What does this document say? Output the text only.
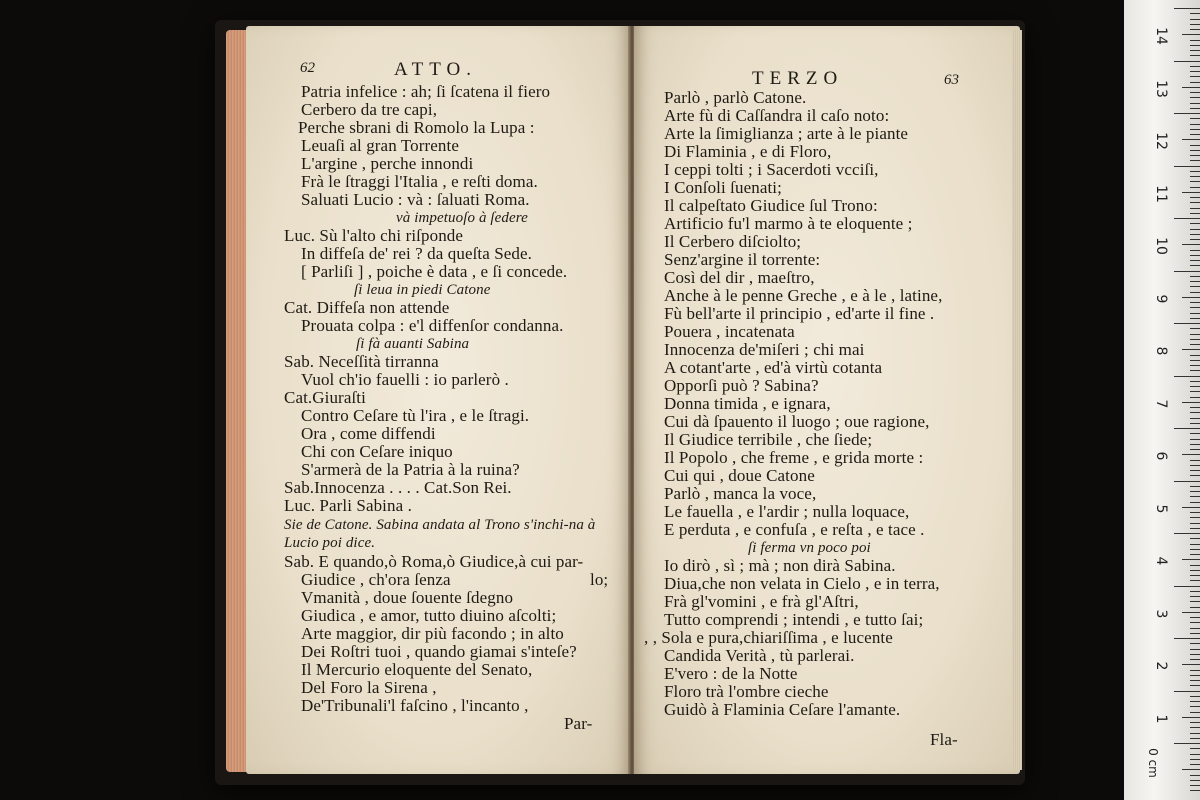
62	ATTO.
Patria infelice : ah; ſi ſcatena il fiero
Cerbero da tre capi,
Perche sbrani di Romolo la Lupa :
Leuaſi al gran Torrente
L'argine , perche innondi
Frà le ſtraggi l'Italia , e reſti doma.
Saluati Lucio : và : ſaluati Roma.
và impetuoſo à ſedere
Luc. Sù l'alto chi riſponde
In diffeſa de' rei ? da queſta Sede.
[ Parliſi ] , poiche è data , e ſi concede.
ſi leua in piedi Catone
Cat. Diffeſa non attende
Prouata colpa : e'l diffenſor condanna.
ſi fà auanti Sabina
Sab. Neceſſità tirranna
Vuol ch'io fauelli : io parlerò .
Cat.Giuraſti
Contro Ceſare tù l'ira , e le ſtragi.
Ora , come diffendi
Chi con Ceſare iniquo
S'armerà de la Patria à la ruina?
Sab.Innocenza . . . . Cat.Son Rei.
Luc. Parli Sabina .
Sie de Catone. Sabina andata al Trono s'inchi-na à Lucio poi dice.
Sab. E quando,ò Roma,ò Giudice,à cui par-
Giudice , ch'ora ſenza	lo;
Vmanità , doue ſouente ſdegno
Giudica , e amor, tutto diuino aſcolti;
Arte maggior, dir più facondo ; in alto
Dei Roſtri tuoi , quando giamai s'inteſe?
Il Mercurio eloquente del Senato,
Del Foro la Sirena ,
De'Tribunali'l faſcino , l'incanto ,
Par-
TERZO	63
Parlò , parlò Catone.
Arte fù di Caſſandra il caſo noto:
Arte la ſimiglianza ; arte à le piante
Di Flaminia , e di Floro,
I ceppi tolti ; i Sacerdoti vcciſi,
I Conſoli ſuenati;
Il calpeſtato Giudice ſul Trono:
Artificio fu'l marmo à te eloquente ;
Il Cerbero diſciolto;
Senz'argine il torrente:
Così del dir , maeſtro,
Anche à le penne Greche , e à le , latine,
Fù bell'arte il principio , ed'arte il fine .
Pouera , incatenata
Innocenza de'miſeri ; chi mai
A cotant'arte , ed'à virtù cotanta
Opporſi può ? Sabina?
Donna timida , e ignara,
Cui dà ſpauento il luogo ; oue ragione,
Il Giudice terribile , che ſiede;
Il Popolo , che freme , e grida morte :
Cui qui , doue Catone
Parlò , manca la voce,
Le fauella , e l'ardir ; nulla loquace,
E perduta , e confuſa , e reſta , e tace .
ſi ferma vn poco poi
Io dirò , sì ; mà ; non dirà Sabina.
Diua,che non velata in Cielo , e in terra,
Frà gl'vomini , e frà gl'Aſtri,
Tutto comprendi ; intendi , e tutto ſai;
, , Sola e pura,chiariſſima , e lucente
Candida Verità , tù parlerai.
E'vero : de la Notte
Floro trà l'ombre cieche
Guidò à Flaminia Ceſare l'amante.
Fla-
0 cm
14
13
12
11
10
9
8
7
6
5
4
3
2
1
